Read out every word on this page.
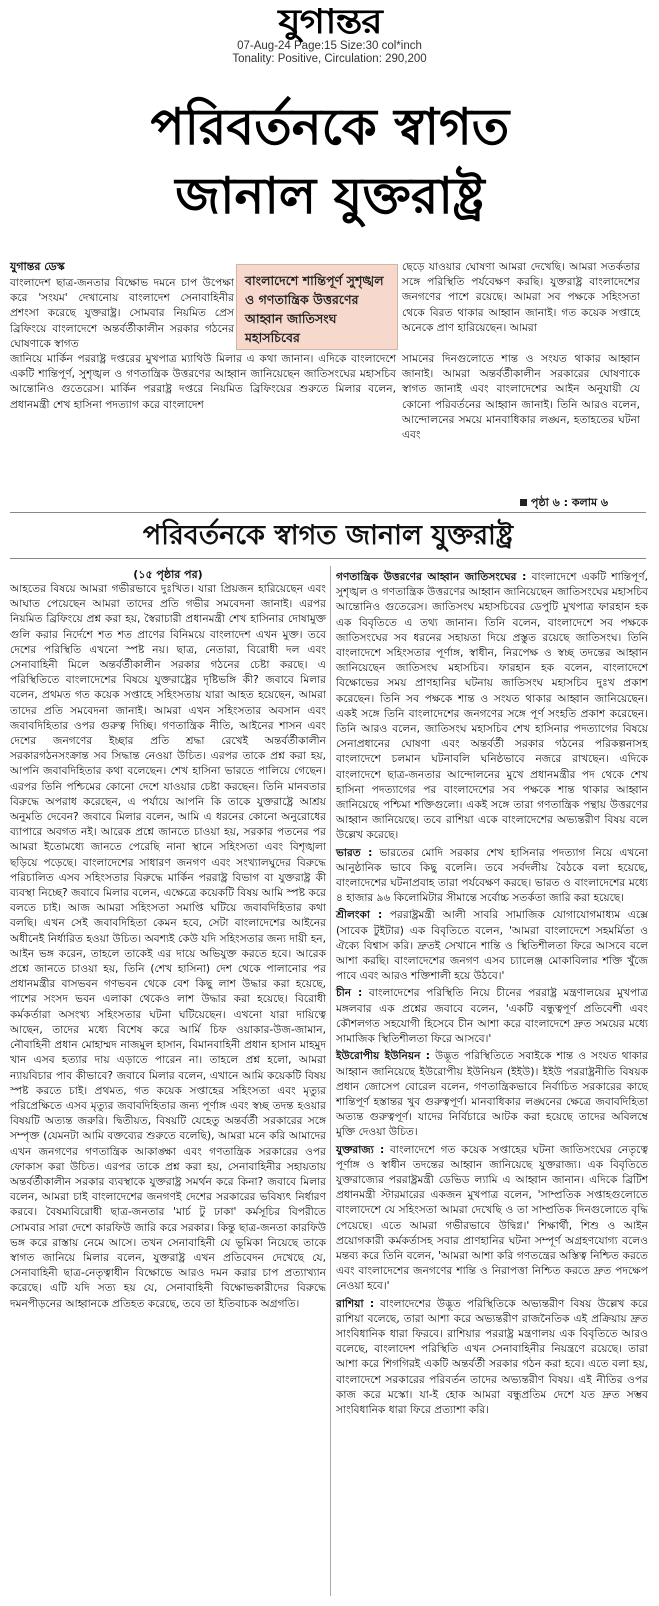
যুগান্তর
07-Aug-24 Page:15 Size:30 col*inch
Tonality: Positive, Circulation: 290,200
পরিবর্তনকে স্বাগত
জানাল যুক্তরাষ্ট্র
যুগান্তর ডেস্ক
বাংলাদেশ ছাত্র-জনতার বিক্ষোভ দমনে চাপ উপেক্ষা করে 'সংযম' দেখানোয় বাংলাদেশ সেনাবাহিনীর প্রশংসা করেছে যুক্তরাষ্ট্র। সোমবার নিয়মিত প্রেস ব্রিফিংয়ে বাংলাদেশে অন্তর্বর্তীকালীন সরকার গঠনের ঘোষণাকে স্বাগত
বাংলাদেশে শান্তিপূর্ণ সুশৃঙ্খল ও গণতান্ত্রিক উত্তরণের আহ্বান জাতিসংঘ মহাসচিবের
জানিয়ে মার্কিন পররাষ্ট্র দপ্তরের মুখপাত্র ম্যাথিউ মিলার এ কথা জানান। এদিকে বাংলাদেশে একটি শান্তিপূর্ণ, সুশৃঙ্খল ও গণতান্ত্রিক উত্তরণের আহ্বান জানিয়েছেন জাতিসংঘের মহাসচিব আন্তোনিও গুতেরেস। মার্কিন পররাষ্ট্র দপ্তরে নিয়মিত ব্রিফিংয়ের শুরুতে মিলার বলেন, প্রধানমন্ত্রী শেখ হাসিনা পদত্যাগ করে বাংলাদেশ
ছেড়ে যাওয়ার ঘোষণা আমরা দেখেছি। আমরা সতর্কতার সঙ্গে পরিস্থিতি পর্যবেক্ষণ করছি। যুক্তরাষ্ট্র বাংলাদেশের জনগণের পাশে রয়েছে। আমরা সব পক্ষকে সহিংসতা থেকে বিরত থাকার আহ্বান জানাই। গত কয়েক সপ্তাহে অনেকে প্রাণ হারিয়েছেন। আমরা
সামনের দিনগুলোতে শান্ত ও সংযত থাকার আহ্বান জানাই। আমরা অন্তর্বর্তীকালীন সরকারের ঘোষণাকে স্বাগত জানাই এবং বাংলাদেশের আইন অনুযায়ী যে কোনো পরিবর্তনের আহ্বান জানাই। তিনি আরও বলেন, আন্দোলনের সময়ে মানবাধিকার লঙ্ঘন, হতাহতের ঘটনা এবং
পৃষ্ঠা ৬ : কলাম ৬
পরিবর্তনকে স্বাগত জানাল যুক্তরাষ্ট্র
(১৫ পৃষ্ঠার পর)
আহতের বিষয়ে আমরা গভীরভাবে দুঃখিত। যারা প্রিয়জন হারিয়েছেন এবং আঘাত পেয়েছেন আমরা তাদের প্রতি গভীর সমবেদনা জানাই। এরপর নিয়মিত ব্রিফিংয়ে প্রশ্ন করা হয়, স্বৈরাচারী প্রধানমন্ত্রী শেখ হাসিনার দোষামুক্ত গুলি করার নির্দেশে শত শত প্রাণের বিনিময়ে বাংলাদেশ এখন মুক্ত। তবে দেশের পরিস্থিতি এখনো স্পষ্ট নয়। ছাত্র, নেতারা, বিরোধী দল এবং সেনাবাহিনী মিলে অন্তর্বর্তীকালীন সরকার গঠনের চেষ্টা করছে। এ পরিস্থিতিতে বাংলাদেশের বিষয়ে যুক্তরাষ্ট্রের দৃষ্টিভঙ্গি কী? জবাবে মিলার বলেন, প্রথমত গত কয়েক সপ্তাহে সহিংসতায় যারা আহত হয়েছেন, আমরা তাদের প্রতি সমবেদনা জানাই। আমরা এখন সহিংসতার অবসান এবং জবাবদিহিতার ওপর গুরুত্ব দিচ্ছি। গণতান্ত্রিক নীতি, আইনের শাসন এবং দেশের জনগণের ইচ্ছার প্রতি শ্রদ্ধা রেখেই অন্তর্বর্তীকালীন সরকারগঠনসংক্রান্ত সব সিদ্ধান্ত নেওয়া উচিত। এরপর তাকে প্রশ্ন করা হয়, আপনি জবাবদিহিতার কথা বলেছেন। শেখ হাসিনা ভারতে পালিয়ে গেছেন। এরপর তিনি পশ্চিমের কোনো দেশে যাওয়ার চেষ্টা করছেন। তিনি মানবতার বিরুদ্ধে অপরাধ করেছেন, এ পর্যায়ে আপনি কি তাকে যুক্তরাষ্ট্রে আশ্রয় অনুমতি দেবেন? জবাবে মিলার বলেন, আমি এ ধরনের কোনো অনুরোধের ব্যাপারে অবগত নই। আরেক প্রশ্নে জানতে চাওয়া হয়, সরকার পতনের পর আমরা ইতোমধ্যে জানতে পেরেছি নানা স্থানে সহিংসতা এবং বিশৃঙ্খলা ছড়িয়ে পড়েছে। বাংলাদেশের সাধারণ জনগণ এবং সংখ্যালঘুদের বিরুদ্ধে পরিচালিত এসব সহিংসতার বিরুদ্ধে মার্কিন পররাষ্ট্র বিভাগ বা যুক্তরাষ্ট্র কী ব্যবস্থা নিচ্ছে? জবাবে মিলার বলেন, এক্ষেত্রে কয়েকটি বিষয় আমি স্পষ্ট করে বলতে চাই। আজ আমরা সহিংসতা সমাপ্তি ঘটিয়ে জবাবদিহিতার কথা বলছি। এখন সেই জবাবদিহিতা কেমন হবে, সেটা বাংলাদেশের আইনের অধীনেই নির্ধারিত হওয়া উচিত। অবশ্যই কেউ যদি সহিংসতার জন্য দায়ী হন, আইন ভঙ্গ করেন, তাহলে তাকেই এর দায়ে অভিযুক্ত করতে হবে। আরেক প্রশ্নে জানতে চাওয়া হয়, তিনি (শেখ হাসিনা) দেশ থেকে পালানোর পর প্রধানমন্ত্রীর বাসভবন গণভবন থেকে বেশ কিছু লাশ উদ্ধার করা হয়েছে, পাশের সংসদ ভবন এলাকা থেকেও লাশ উদ্ধার করা হয়েছে। বিরোধী কর্মকর্তারা অসংখ্য সহিংসতার ঘটনা ঘটিয়েছেন। এখনো যারা দায়িত্বে আছেন, তাদের মধ্যে বিশেষ করে আর্মি চিফ ওয়াকার-উজ-জামান, নৌবাহিনী প্রধান মোহাম্মদ নাজমুল হাসান, বিমানবাহিনী প্রধান হাসান মাহমুদ খান এসব হত্যার দায় এড়াতে পারেন না। তাহলে প্রশ্ন হলো, আমরা ন্যায়বিচার পাব কীভাবে? জবাবে মিলার বলেন, এখানে আমি কয়েকটি বিষয় স্পষ্ট করতে চাই। প্রথমত, গত কয়েক সপ্তাহের সহিংসতা এবং মৃত্যুর পরিপ্রেক্ষিতে এসব মৃত্যুর জবাবদিহিতার জন্য পূর্ণাঙ্গ এবং স্বচ্ছ তদন্ত হওয়ার বিষয়টি অত্যন্ত জরুরি। দ্বিতীয়ত, বিষয়টি যেহেতু অন্তর্বর্তী সরকারের সঙ্গে সম্পৃক্ত (যেমনটা আমি বক্তব্যের শুরুতে বলেছি), আমরা মনে করি আমাদের এখন জনগণের গণতান্ত্রিক আকাঙ্ক্ষা এবং গণতান্ত্রিক সরকারের ওপর ফোকাস করা উচিত। এরপর তাকে প্রশ্ন করা হয়, সেনাবাহিনীর সহায়তায় অন্তর্বর্তীকালীন সরকার ব্যবস্থাকে যুক্তরাষ্ট্র সমর্থন করে কিনা? জবাবে মিলার বলেন, আমরা চাই বাংলাদেশের জনগণই দেশের সরকারের ভবিষ্যৎ নির্ধারণ করবে। বৈষম্যবিরোধী ছাত্র-জনতার 'মার্চ টু ঢাকা' কর্মসূচির বিপরীতে সোমবার সারা দেশে কারফিউ জারি করে সরকার। কিন্তু ছাত্র-জনতা কারফিউ ভঙ্গ করে রাস্তায় নেমে আসে। তখন সেনাবাহিনী যে ভূমিকা নিয়েছে তাকে স্বাগত জানিয়ে মিলার বলেন, যুক্তরাষ্ট্র এখন প্রতিবেদন দেখেছে যে, সেনাবাহিনী ছাত্র-নেতৃত্বাধীন বিক্ষোভে আরও দমন করার চাপ প্রত্যাখ্যান করেছে। এটি যদি সত্য হয় যে, সেনাবাহিনী বিক্ষোভকারীদের বিরুদ্ধে দমনপীড়নের আহ্বানকে প্রতিহত করেছে, তবে তা ইতিবাচক অগ্রগতি।

গণতান্ত্রিক উত্তরণের আহ্বান জাতিসংঘের : বাংলাদেশে একটি শান্তিপূর্ণ, সুশৃঙ্খল ও গণতান্ত্রিক উত্তরণের আহ্বান জানিয়েছেন জাতিসংঘের মহাসচিব আন্তোনিও গুতেরেস। জাতিসংঘ মহাসচিবের ডেপুটি মুখপাত্র ফারহান হক এক বিবৃতিতে এ তথ্য জানান। তিনি বলেন, বাংলাদেশে সব পক্ষকে জাতিসংঘের সব ধরনের সহায়তা দিয়ে প্রস্তুত রয়েছে জাতিসংঘ। তিনি বাংলাদেশে সহিংসতার পূর্ণাঙ্গ, স্বাধীন, নিরপেক্ষ ও স্বচ্ছ তদন্তের আহ্বান জানিয়েছেন জাতিসংঘ মহাসচিব। ফারহান হক বলেন, বাংলাদেশে বিক্ষোভের সময় প্রাণহানির ঘটনায় জাতিসংঘ মহাসচিব দুঃখ প্রকাশ করেছেন। তিনি সব পক্ষকে শান্ত ও সংযত থাকার আহ্বান জানিয়েছেন। একই সঙ্গে তিনি বাংলাদেশের জনগণের সঙ্গে পূর্ণ সংহতি প্রকাশ করেছেন। তিনি আরও বলেন, জাতিসংঘ মহাসচিব শেখ হাসিনার পদত্যাগের বিষয়ে সেনাপ্রধানের ঘোষণা এবং অন্তর্বর্তী সরকার গঠনের পরিকল্পনাসহ বাংলাদেশে চলমান ঘটনাবলি ঘনিষ্ঠভাবে নজরে রাখছেন। এদিকে বাংলাদেশে ছাত্র-জনতার আন্দোলনের মুখে প্রধানমন্ত্রীর পদ থেকে শেখ হাসিনা পদত্যাগের পর বাংলাদেশের সব পক্ষকে শান্ত থাকার আহ্বান জানিয়েছে পশ্চিমা শক্তিগুলো। একই সঙ্গে তারা গণতান্ত্রিক পন্থায় উত্তরণের আহ্বান জানিয়েছে। তবে রাশিয়া একে বাংলাদেশের অভ্যন্তরীণ বিষয় বলে উল্লেখ করেছে।

ভারত : ভারতের মোদি সরকার শেখ হাসিনার পদত্যাগ নিয়ে এখনো আনুষ্ঠানিক ভাবে কিছু বলেনি। তবে সর্বদলীয় বৈঠকে বলা হয়েছে, বাংলাদেশের ঘটনাপ্রবাহ তারা পর্যবেক্ষণ করছে। ভারত ও বাংলাদেশের মধ্যে ৪ হাজার ৯৬ কিলোমিটার সীমান্তে সর্বোচ্চ সতর্কতা জারি করা হয়েছে।

শ্রীলংকা : পররাষ্ট্রমন্ত্রী আলী সাবরি সামাজিক যোগাযোগমাধ্যম এক্সে (সাবেক টুইটার) এক বিবৃতিতে বলেন, 'আমরা বাংলাদেশে সহমর্মিতা ও ঐক্যে বিশ্বাস করি। দ্রুতই সেখানে শান্তি ও স্থিতিশীলতা ফিরে আসবে বলে আশা করছি। বাংলাদেশের জনগণ এসব চ্যালেঞ্জ মোকাবিলার শক্তি খুঁজে পাবে এবং আরও শক্তিশালী হয়ে উঠবে।'

চীন : বাংলাদেশের পরিস্থিতি নিয়ে চীনের পররাষ্ট্র মন্ত্রণালয়ের মুখপাত্র মঙ্গলবার এক প্রশ্নের জবাবে বলেন, 'একটি বন্ধুত্বপূর্ণ প্রতিবেশী এবং কৌশলগত সহযোগী হিসেবে চীন আশা করে বাংলাদেশে দ্রুত সময়ের মধ্যে সামাজিক স্থিতিশীলতা ফিরে আসবে।'

ইউরোপীয় ইউনিয়ন : উদ্ভূত পরিস্থিতিতে সবাইকে শান্ত ও সংযত থাকার আহ্বান জানিয়েছে ইউরোপীয় ইউনিয়ন (ইইউ)। ইইউ পররাষ্ট্রনীতি বিষয়ক প্রধান জোসেপ বোরেল বলেন, গণতান্ত্রিকভাবে নির্বাচিত সরকারের কাছে শান্তিপূর্ণ হস্তান্তর খুব গুরুত্বপূর্ণ। মানবাধিকার লঙ্ঘনের ক্ষেত্রে জবাবদিহিতা অত্যন্ত গুরুত্বপূর্ণ। যাদের নির্বিচারে আটক করা হয়েছে তাদের অবিলম্বে মুক্তি দেওয়া উচিত।

যুক্তরাজ্য : বাংলাদেশে গত কয়েক সপ্তাহের ঘটনা জাতিসংঘের নেতৃত্বে পূর্ণাঙ্গ ও স্বাধীন তদন্তের আহ্বান জানিয়েছে যুক্তরাজ্য। এক বিবৃতিতে যুক্তরাজ্যের পররাষ্ট্রমন্ত্রী ডেভিড ল্যামি এ আহ্বান জানান। এদিকে ব্রিটিশ প্রধানমন্ত্রী স্টারমারের একজন মুখপাত্র বলেন, 'সাম্প্রতিক সপ্তাহগুলোতে বাংলাদেশে যে সহিংসতা আমরা দেখেছি ও তা সাম্প্রতিক দিনগুলোতে বৃদ্ধি পেয়েছে। এতে আমরা গভীরভাবে উদ্বিগ্ন।' শিক্ষার্থী, শিশু ও আইন প্রয়োগকারী কর্মকর্তাসহ সবার প্রাণহানির ঘটনা সম্পূর্ণ অগ্রহণযোগ্য বলেও মন্তব্য করে তিনি বলেন, 'আমরা আশা করি গণতন্ত্রের অস্তিত্ব নিশ্চিত করতে এবং বাংলাদেশের জনগণের শান্তি ও নিরাপত্তা নিশ্চিত করতে দ্রুত পদক্ষেপ নেওয়া হবে।'

রাশিয়া : বাংলাদেশের উদ্ভূত পরিস্থিতিকে অভ্যন্তরীণ বিষয় উল্লেখ করে রাশিয়া বলেছে, তারা আশা করে অভ্যন্তরীণ রাজনৈতিক এই প্রক্রিয়ায় দ্রুত সাংবিধানিক ধারা ফিরবে। রাশিয়ার পররাষ্ট্র মন্ত্রণালয় এক বিবৃতিতে আরও বলেছে, বাংলাদেশ পরিস্থিতি এখন সেনাবাহিনীর নিয়ন্ত্রণে রয়েছে। তারা আশা করে শিগগিরই একটি অন্তর্বর্তী সরকার গঠন করা হবে। এতে বলা হয়, বাংলাদেশে সরকারের পরিবর্তন তাদের অভ্যন্তরীণ বিষয়। এই নীতির ওপর কাজ করে মস্কো। যা-ই হোক আমরা বন্ধুপ্রতিম দেশে যত দ্রুত সম্ভব সাংবিধানিক ধারা ফিরে প্রত্যাশা করি।
